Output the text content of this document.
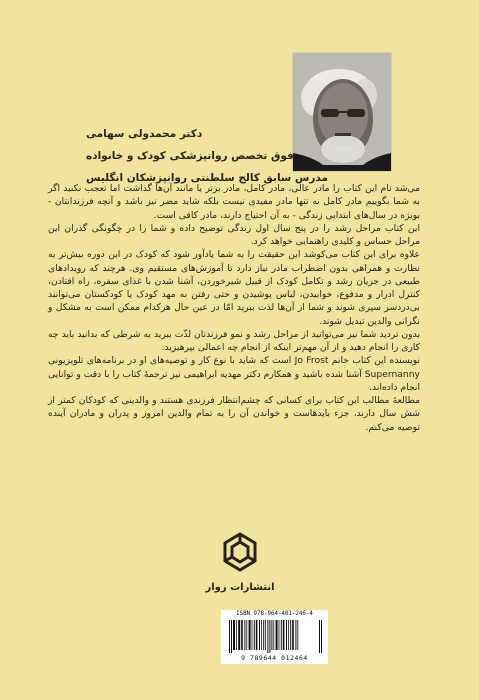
دکتر محمدولی سهامی
فوق تخصص روانپزشکی کودک و خانواده
مدرس سابق کالج سلطنتی روانپزشکان انگلیس

می‌شد نام این کتاب را مادر عالی، مادر کامل، مادر برتر یا مانند آن‌ها گذاشت اما تعجب نکنید اگر به شما بگوییم مادر کامل نه تنها مادر مفیدی نیست بلکه شاید مضر نیز باشد و آنچه فرزندانتان - بویژه در سال‌های ابتدایی زندگی - به آن احتیاج دارند، مادر کافی است.

این کتاب مراحل رشد را در پنج سال اول زندگی توضیح داده و شما را در چگونگی گذران این مراحل حساس و کلیدی راهنمایی خواهد کرد.

علاوه برای این کتاب می‌کوشد این حقیقت را به شما یادآور شود که کودک در این دوره بیش‌تر به نظارت و همراهی بدون اضطراب مادر نیاز دارد تا آموزش‌های مستقیم وی. هرچند که رویدادهای طبیعی در جریان رشد و تکامل کودک از قبیل شیرخوردن، آشنا شدن با غذای سفره، راه افتادن، کنترل ادرار و مدفوع، خوابیدن، لباس پوشیدن و حتی رفتن به مهد کودک یا کودکستان می‌توانند بی‌دردسر سپری شوند و شما از آن‌ها لذت ببرید امّا در عین حال هرکدام ممکن است به مشکل و نگرانی والدین تبدیل شوند.

بدون تردید شما نیز می‌توانید از مراحل رشد و نمو فرزندتان لذّت ببرید به شرطی که بدانید باید چه کاری را انجام دهید و از آن مهم‌تر اینکه از انجام چه اعمالی بپرهیزید.

نویسنده این کتاب خانم Jo Frost است که شاید با نوع کار و توصیه‌های او در برنامه‌های تلویزیونی Supernanny آشنا شده باشید و همکارم دکتر مهدیه ابراهیمی نیز ترجمهٔ کتاب را با دقت و توانایی انجام داده‌اند.

مطالعهٔ مطالب این کتاب برای کسانی که چشم‌انتظار فرزندی هستند و والدینی که کودکان کمتر از شش سال دارند، جزء بایدهاست و خواندن آن را به تمام والدین امروز و پدران و مادران آینده توصیه می‌کنم.

انتشارات زوار
ISBN 978-964-401-246-4
9 789644 012464
